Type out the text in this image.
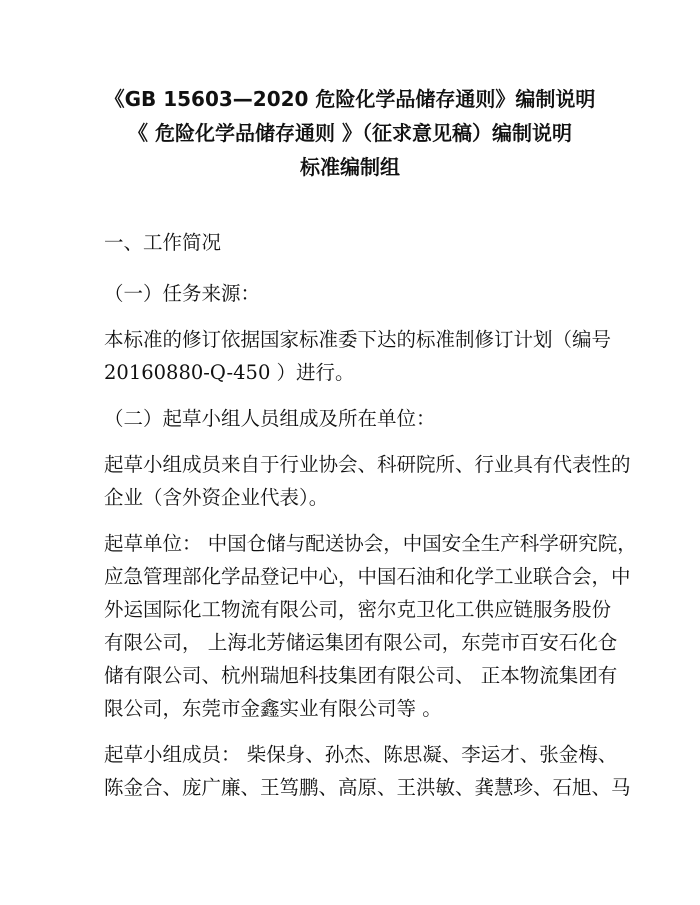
《GB 15603—2020 危险化学品储存通则》编制说明
《 危险化学品储存通则 》（征求意见稿）编制说明
标准编制组
一、工作简况
（一）任务来源：
本标准的修订依据国家标准委下达的标准制修订计划（编号
20160880-Q-450 ）进行。
（二）起草小组人员组成及所在单位：
起草小组成员来自于行业协会、科研院所、行业具有代表性的
企业（含外资企业代表）。
起草单位： 中国仓储与配送协会，中国安全生产科学研究院，
应急管理部化学品登记中心，中国石油和化学工业联合会，中
外运国际化工物流有限公司，密尔克卫化工供应链服务股份
有限公司， 上海北芳储运集团有限公司，东莞市百安石化仓
储有限公司、杭州瑞旭科技集团有限公司、 正本物流集团有
限公司，东莞市金鑫实业有限公司等 。
起草小组成员： 柴保身、孙杰、陈思凝、李运才、张金梅、
陈金合、庞广廉、王笃鹏、高原、王洪敏、龚慧珍、石旭、马
